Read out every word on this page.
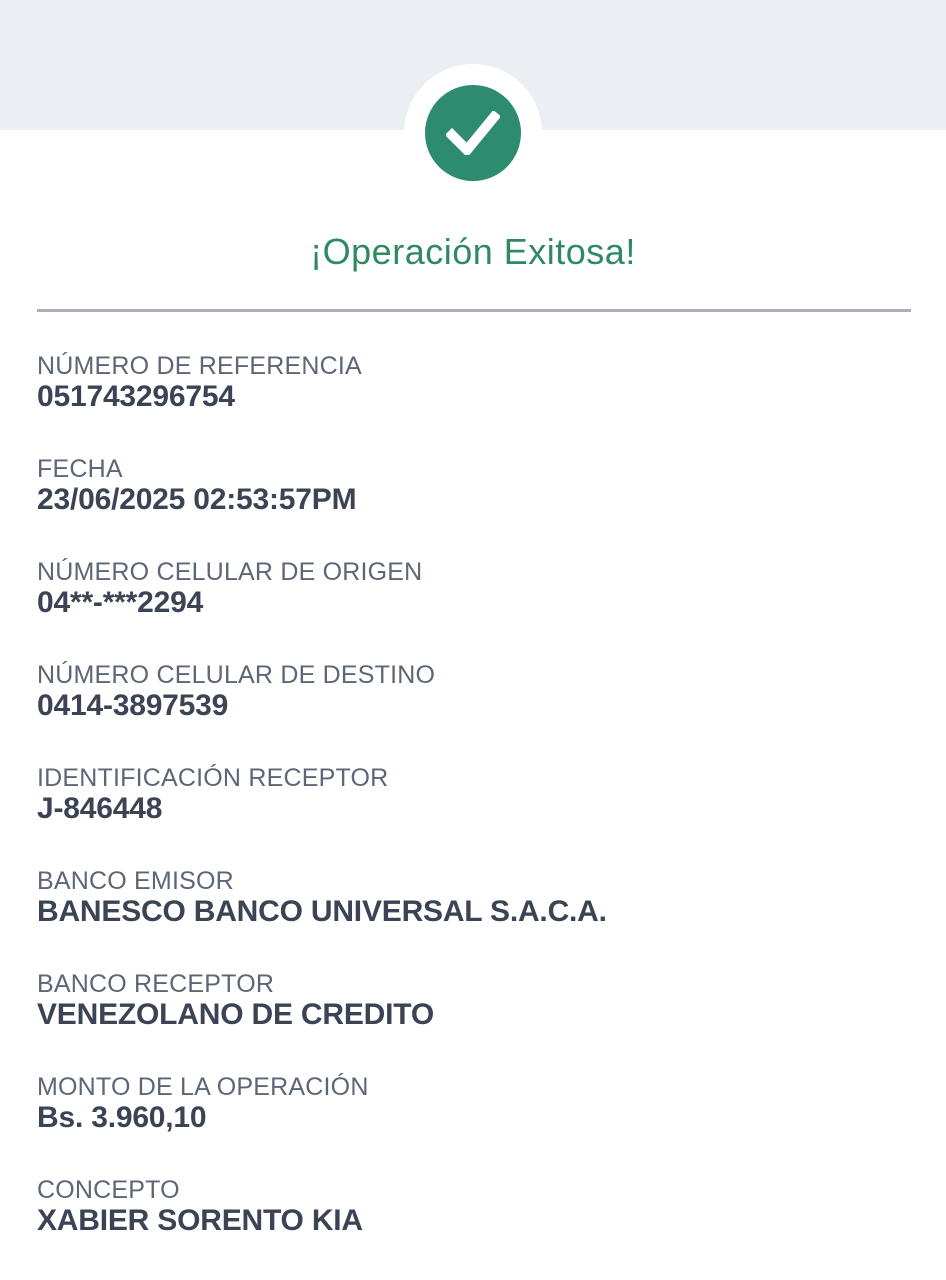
¡Operación Exitosa!
NÚMERO DE REFERENCIA
051743296754
FECHA
23/06/2025 02:53:57PM
NÚMERO CELULAR DE ORIGEN
04**-***2294
NÚMERO CELULAR DE DESTINO
0414-3897539
IDENTIFICACIÓN RECEPTOR
J-846448
BANCO EMISOR
BANESCO BANCO UNIVERSAL S.A.C.A.
BANCO RECEPTOR
VENEZOLANO DE CREDITO
MONTO DE LA OPERACIÓN
Bs. 3.960,10
CONCEPTO
XABIER SORENTO KIA
